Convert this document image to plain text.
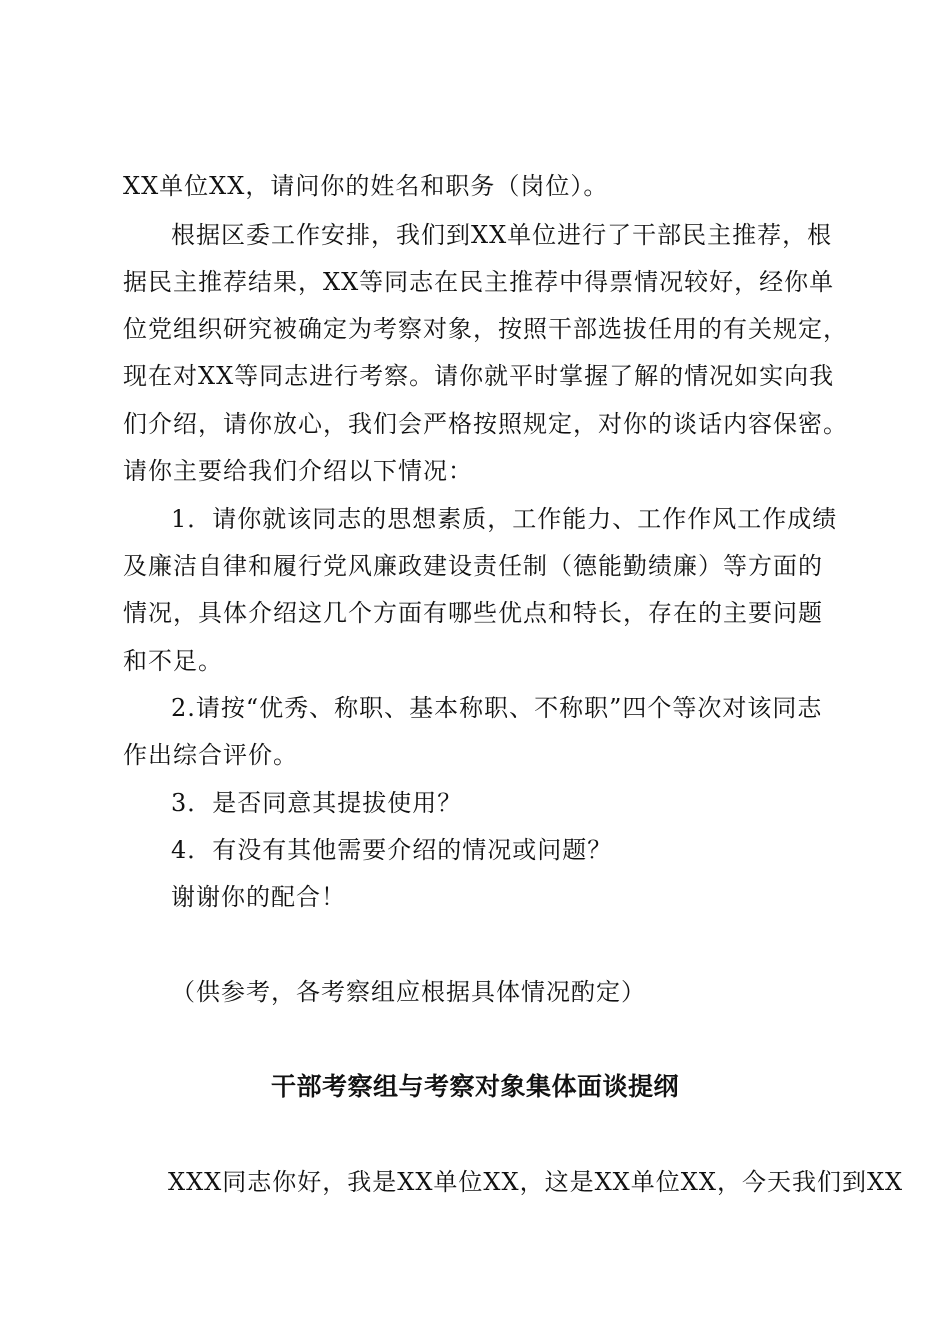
XX单位XX，请问你的姓名和职务（岗位）。
根据区委工作安排，我们到XX单位进行了干部民主推荐，根
据民主推荐结果，XX等同志在民主推荐中得票情况较好，经你单
位党组织研究被确定为考察对象，按照干部选拔任用的有关规定，
现在对XX等同志进行考察。请你就平时掌握了解的情况如实向我
们介绍，请你放心，我们会严格按照规定，对你的谈话内容保密。
请你主要给我们介绍以下情况：
1．请你就该同志的思想素质，工作能力、工作作风工作成绩
及廉洁自律和履行党风廉政建设责任制（德能勤绩廉）等方面的
情况，具体介绍这几个方面有哪些优点和特长，存在的主要问题
和不足。
2.请按“优秀、称职、基本称职、不称职”四个等次对该同志
作出综合评价。
3．是否同意其提拔使用？
4．有没有其他需要介绍的情况或问题？
谢谢你的配合！
（供参考，各考察组应根据具体情况酌定）
干部考察组与考察对象集体面谈提纲
XXX同志你好，我是XX单位XX，这是XX单位XX，今天我们到XX
